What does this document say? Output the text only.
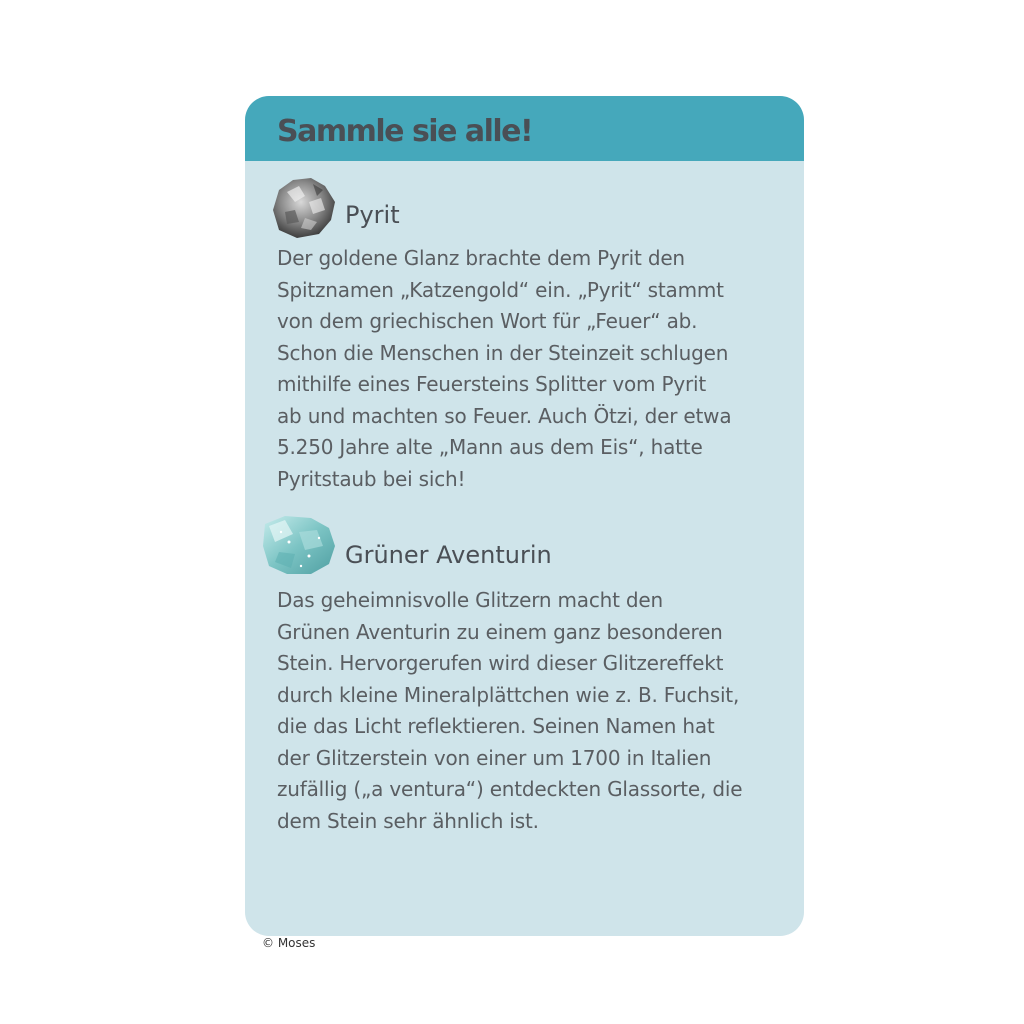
Sammle sie alle!
Pyrit

Der goldene Glanz brachte dem Pyrit den
Spitznamen „Katzengold“ ein. „Pyrit“ stammt
von dem griechischen Wort für „Feuer“ ab.
Schon die Menschen in der Steinzeit schlugen
mithilfe eines Feuersteins Splitter vom Pyrit
ab und machten so Feuer. Auch Ötzi, der etwa
5.250 Jahre alte „Mann aus dem Eis“, hatte
Pyritstaub bei sich!

Grüner Aventurin

Das geheimnisvolle Glitzern macht den
Grünen Aventurin zu einem ganz besonderen
Stein. Hervorgerufen wird dieser Glitzereffekt
durch kleine Mineralplättchen wie z. B. Fuchsit,
die das Licht reflektieren. Seinen Namen hat
der Glitzerstein von einer um 1700 in Italien
zufällig („a ventura“) entdeckten Glassorte, die
dem Stein sehr ähnlich ist.

© Moses
